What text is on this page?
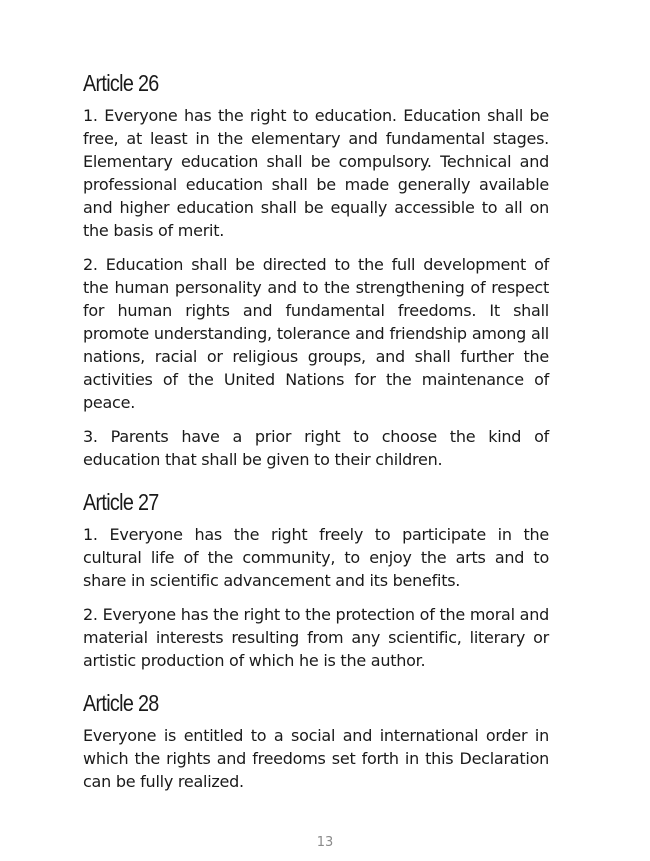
Article 26

1. Everyone has the right to education. Education shall be free, at least in the elementary and fundamental stages. Elementary education shall be compulsory. Technical and professional education shall be made generally available and higher education shall be equally accessible to all on the basis of merit.

2. Education shall be directed to the full development of the human personality and to the strengthening of respect for human rights and fundamental freedoms. It shall promote understanding, tolerance and friendship among all nations, racial or religious groups, and shall further the activities of the United Nations for the maintenance of peace.

3. Parents have a prior right to choose the kind of education that shall be given to their children.

Article 27

1. Everyone has the right freely to participate in the cultural life of the community, to enjoy the arts and to share in scientific advancement and its benefits.

2. Everyone has the right to the protection of the moral and material interests resulting from any scientific, literary or artistic production of which he is the author.

Article 28

Everyone is entitled to a social and international order in which the rights and freedoms set forth in this Declaration can be fully realized.

13
